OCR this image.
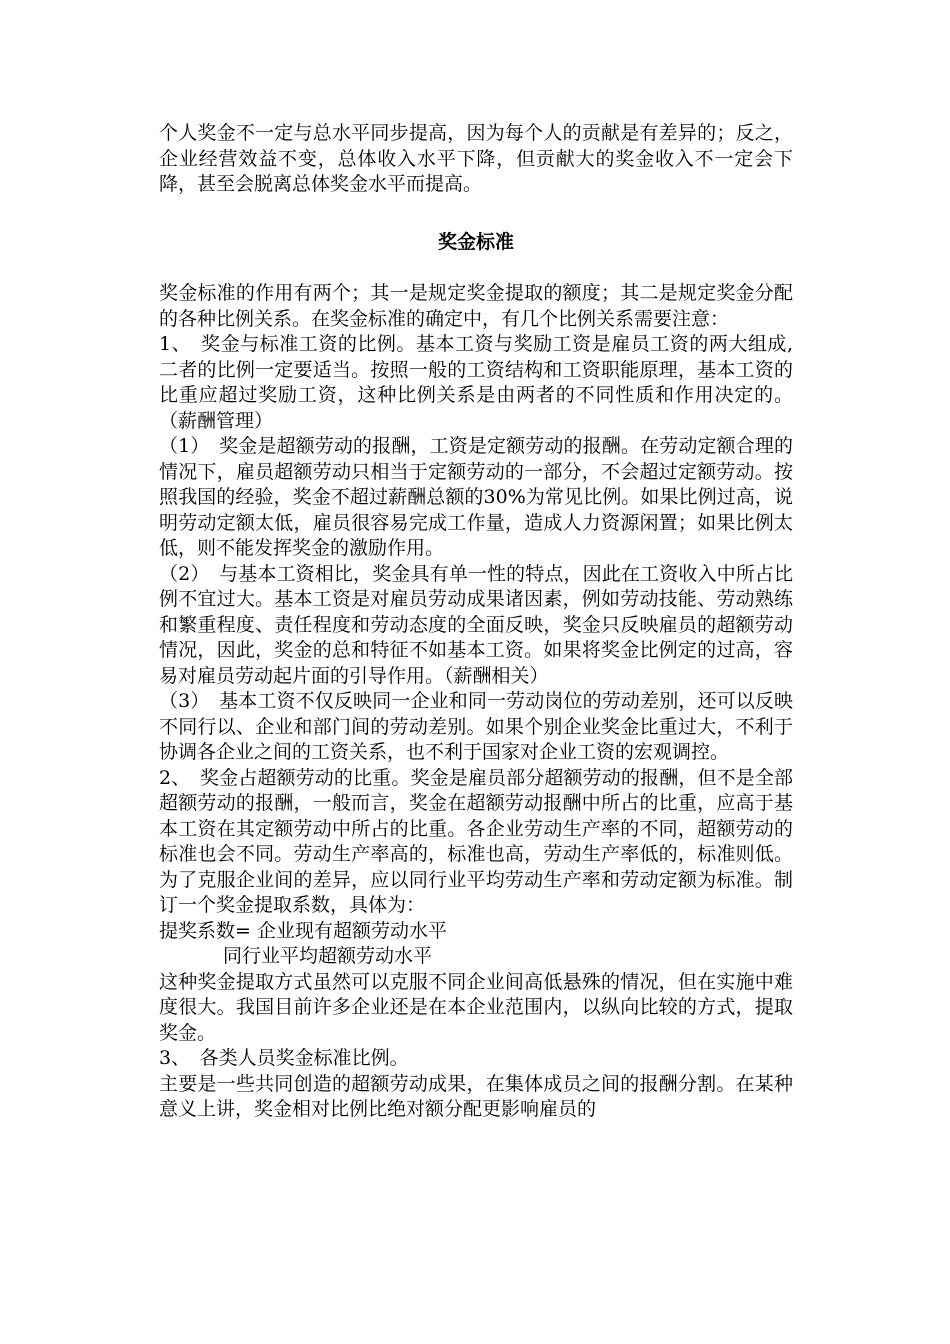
个人奖金不一定与总水平同步提高，因为每个人的贡献是有差异的；反之，企业经营效益不变，总体收入水平下降，但贡献大的奖金收入不一定会下降，甚至会脱离总体奖金水平而提高。

奖金标准

奖金标准的作用有两个；其一是规定奖金提取的额度；其二是规定奖金分配的各种比例关系。在奖金标准的确定中，有几个比例关系需要注意：

1、　奖金与标准工资的比例。基本工资与奖励工资是雇员工资的两大组成,二者的比例一定要适当。按照一般的工资结构和工资职能原理，基本工资的比重应超过奖励工资，这种比例关系是由两者的不同性质和作用决定的。（薪酬管理）

（1）　奖金是超额劳动的报酬，工资是定额劳动的报酬。在劳动定额合理的情况下，雇员超额劳动只相当于定额劳动的一部分，不会超过定额劳动。按照我国的经验，奖金不超过薪酬总额的30%为常见比例。如果比例过高，说明劳动定额太低，雇员很容易完成工作量，造成人力资源闲置；如果比例太低，则不能发挥奖金的激励作用。

（2）　与基本工资相比，奖金具有单一性的特点，因此在工资收入中所占比例不宜过大。基本工资是对雇员劳动成果诸因素，例如劳动技能、劳动熟练和繁重程度、责任程度和劳动态度的全面反映，奖金只反映雇员的超额劳动情况，因此，奖金的总和特征不如基本工资。如果将奖金比例定的过高，容易对雇员劳动起片面的引导作用。（薪酬相关）

（3）　基本工资不仅反映同一企业和同一劳动岗位的劳动差别，还可以反映不同行以、企业和部门间的劳动差别。如果个别企业奖金比重过大，不利于协调各企业之间的工资关系，也不利于国家对企业工资的宏观调控。

2、　奖金占超额劳动的比重。奖金是雇员部分超额劳动的报酬，但不是全部超额劳动的报酬，一般而言，奖金在超额劳动报酬中所占的比重，应高于基本工资在其定额劳动中所占的比重。各企业劳动生产率的不同，超额劳动的标准也会不同。劳动生产率高的，标准也高，劳动生产率低的，标准则低。为了克服企业间的差异，应以同行业平均劳动生产率和劳动定额为标准。制订一个奖金提取系数，具体为：

提奖系数= 企业现有超额劳动水平

同行业平均超额劳动水平

这种奖金提取方式虽然可以克服不同企业间高低悬殊的情况，但在实施中难度很大。我国目前许多企业还是在本企业范围内，以纵向比较的方式，提取奖金。

3、　各类人员奖金标准比例。

主要是一些共同创造的超额劳动成果，在集体成员之间的报酬分割。在某种意义上讲，奖金相对比例比绝对额分配更影响雇员的
